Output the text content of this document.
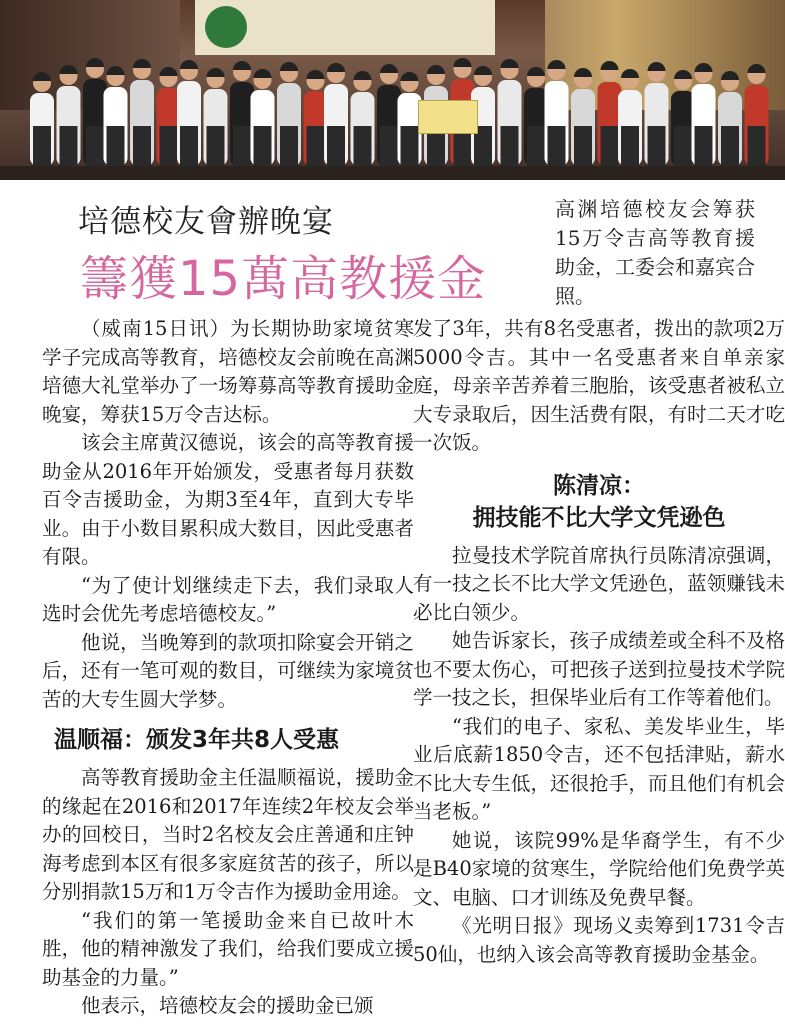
培德校友會辦晚宴
籌獲15萬高教援金
高渊培德校友会筹获15万令吉高等教育援助金，工委会和嘉宾合照。

（威南15日讯）为长期协助家境贫寒学子完成高等教育，培德校友会前晚在高渊培德大礼堂举办了一场筹募高等教育援助金晚宴，筹获15万令吉达标。

该会主席黄汉德说，该会的高等教育援助金从2016年开始颁发，受惠者每月获数百令吉援助金，为期3至4年，直到大专毕业。由于小数目累积成大数目，因此受惠者有限。

“为了使计划继续走下去，我们录取人选时会优先考虑培德校友。”

他说，当晚筹到的款项扣除宴会开销之后，还有一笔可观的数目，可继续为家境贫苦的大专生圆大学梦。

温顺福：颁发3年共8人受惠

高等教育援助金主任温顺福说，援助金的缘起在2016和2017年连续2年校友会举办的回校日，当时2名校友会庄善通和庄钟海考虑到本区有很多家庭贫苦的孩子，所以分别捐款15万和1万令吉作为援助金用途。

“我们的第一笔援助金来自已故叶木胜，他的精神激发了我们，给我们要成立援助基金的力量。”

他表示，培德校友会的援助金已颁

发了3年，共有8名受惠者，拨出的款项2万5000令吉。其中一名受惠者来自单亲家庭，母亲辛苦养着三胞胎，该受惠者被私立大专录取后，因生活费有限，有时二天才吃一次饭。

陈清凉：
拥技能不比大学文凭逊色

拉曼技术学院首席执行员陈清凉强调，有一技之长不比大学文凭逊色，蓝领赚钱未必比白领少。

她告诉家长，孩子成绩差或全科不及格也不要太伤心，可把孩子送到拉曼技术学院学一技之长，担保毕业后有工作等着他们。

“我们的电子、家私、美发毕业生，毕业后底薪1850令吉，还不包括津贴，薪水不比大专生低，还很抢手，而且他们有机会当老板。”

她说，该院99%是华裔学生，有不少是B40家境的贫寒生，学院给他们免费学英文、电脑、口才训练及免费早餐。

《光明日报》现场义卖筹到1731令吉50仙，也纳入该会高等教育援助金基金。
